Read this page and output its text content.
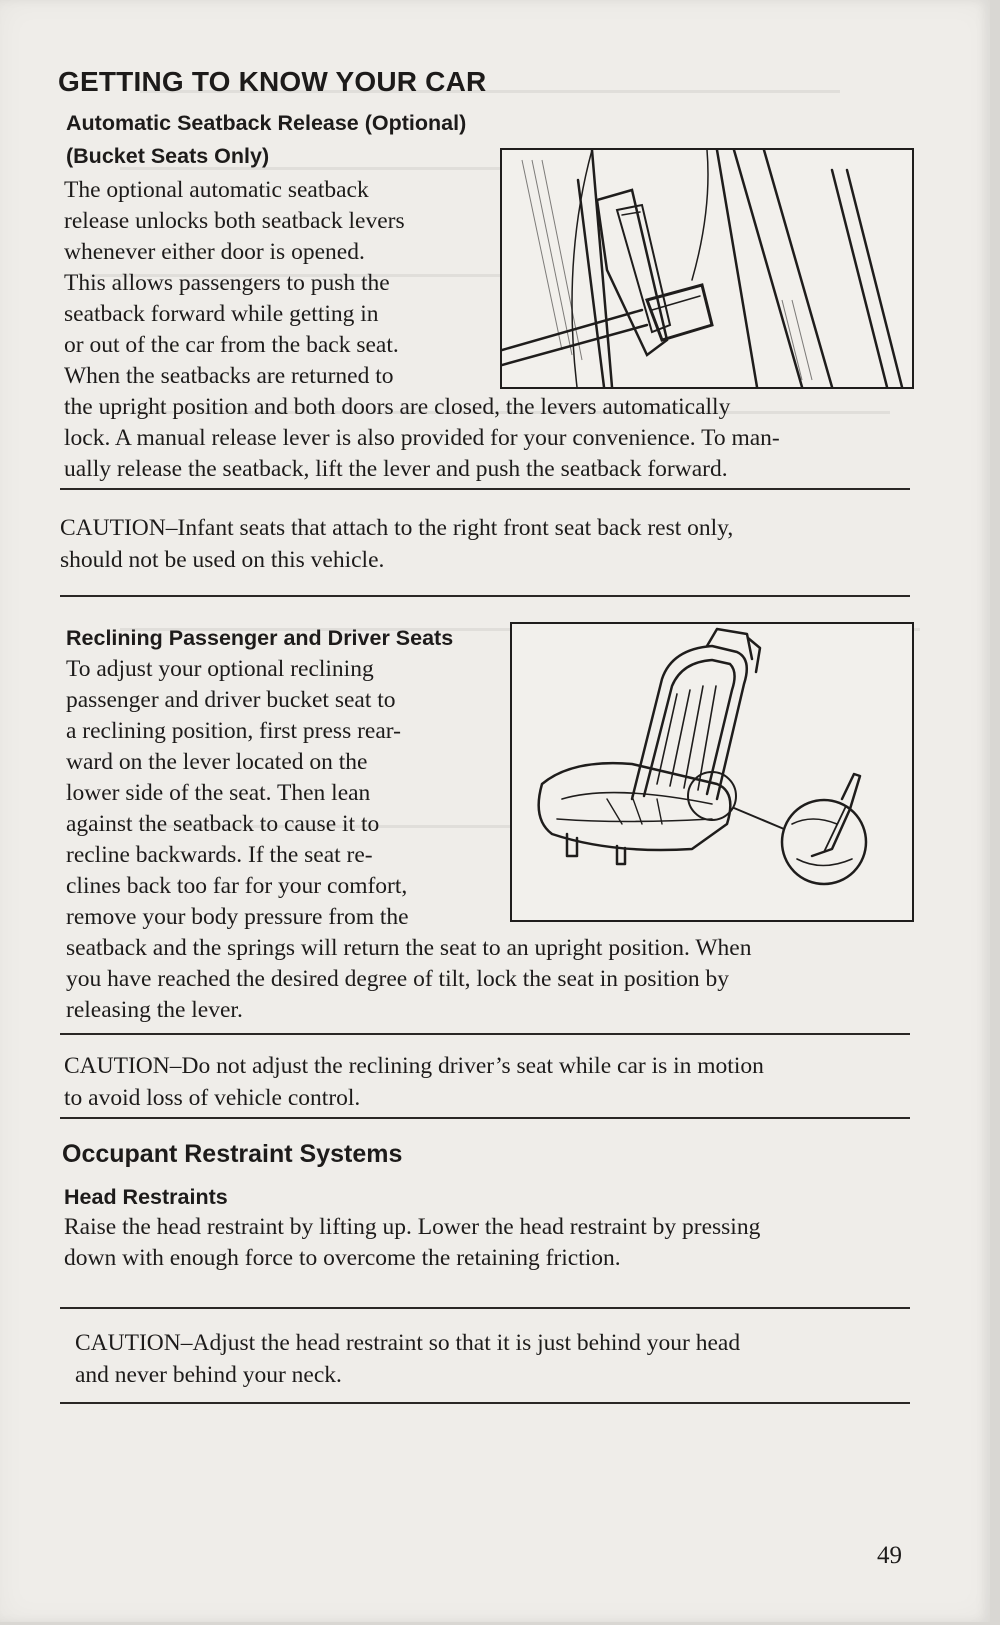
GETTING TO KNOW YOUR CAR
Automatic Seatback Release (Optional)
(Bucket Seats Only)
The optional automatic seatback
release unlocks both seatback levers
whenever either door is opened.
This allows passengers to push the
seatback forward while getting in
or out of the car from the back seat.
When the seatbacks are returned to
the upright position and both doors are closed, the levers automatically
lock. A manual release lever is also provided for your convenience. To man-
ually release the seatback, lift the lever and push the seatback forward.
CAUTION–Infant seats that attach to the right front seat back rest only,
should not be used on this vehicle.
Reclining Passenger and Driver Seats
To adjust your optional reclining
passenger and driver bucket seat to
a reclining position, first press rear-
ward on the lever located on the
lower side of the seat. Then lean
against the seatback to cause it to
recline backwards. If the seat re-
clines back too far for your comfort,
remove your body pressure from the
seatback and the springs will return the seat to an upright position. When
you have reached the desired degree of tilt, lock the seat in position by
releasing the lever.
CAUTION–Do not adjust the reclining driver’s seat while car is in motion
to avoid loss of vehicle control.
Occupant Restraint Systems
Head Restraints
Raise the head restraint by lifting up. Lower the head restraint by pressing
down with enough force to overcome the retaining friction.
CAUTION–Adjust the head restraint so that it is just behind your head
and never behind your neck.
49
